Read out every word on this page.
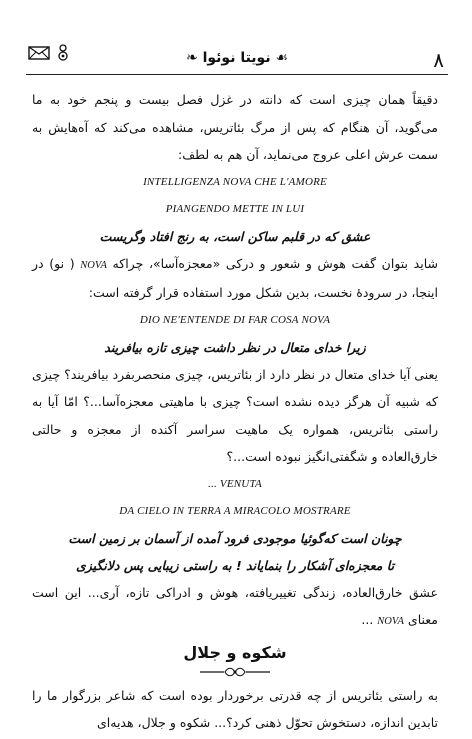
❧ نویتا نوئوا ☙	۸

دقیقاً همان چیزی است که دانته در غزل فصل بیست و پنجم خود به ما می‌گوید، آن هنگام که پس از مرگ بئاتریس، مشاهده می‌کند که آه‌هایش به سمت عرش اعلی عروج می‌نماید، آن هم به لطف:

INTELLIGENZA NOVA CHE L'AMORE

PIANGENDO METTE IN LUI

عشق که در قلبم ساکن است، به رنج افتاد وگریست

شاید بتوان گفت هوش و شعور و درکی «معجزه‌آسا»، چراکه NOVA ( نو) در اینجا، در سرودهٔ نخست، بدین شکل مورد استفاده قرار گرفته است:

DIO NE'ENTENDE DI FAR COSA NOVA

زیرا خدای متعال در نظر داشت چیزی تازه بیافریند

یعنی آیا خدای متعال در نظر دارد از بئاتریس، چیزی منحصربفرد بیافریند؟ چیزی که شبیه آن هرگز دیده نشده است؟ چیزی با ماهیتی معجزه‌آسا...؟ امّا آیا به راستی بئاتریس، همواره یک ماهیت سراسر آکنده از معجزه و حالتی خارق‌العاده و شگفتی‌انگیز نبوده است...؟

... VENUTA

DA CIELO IN TERRA A MIRACOLO MOSTRARE

چونان است که‌گوئیا موجودی فرود آمده از آسمان بر زمین است

تا معجزه‌ای آشکار را بنمایاند ! به راستی زیبایی پس دلانگیزی

عشق خارق‌العاده، زندگی تغییریافته، هوش و ادراکی تازه، آری... این است معنای NOVA ...

شکوه و جلال

به راستی بئاتریس از چه قدرتی برخوردار بوده است که شاعر بزرگوار ما را تابدین اندازه، دستخوش تحوّل ذهنی کرد؟... شکوه و جلال، هدیه‌ای
